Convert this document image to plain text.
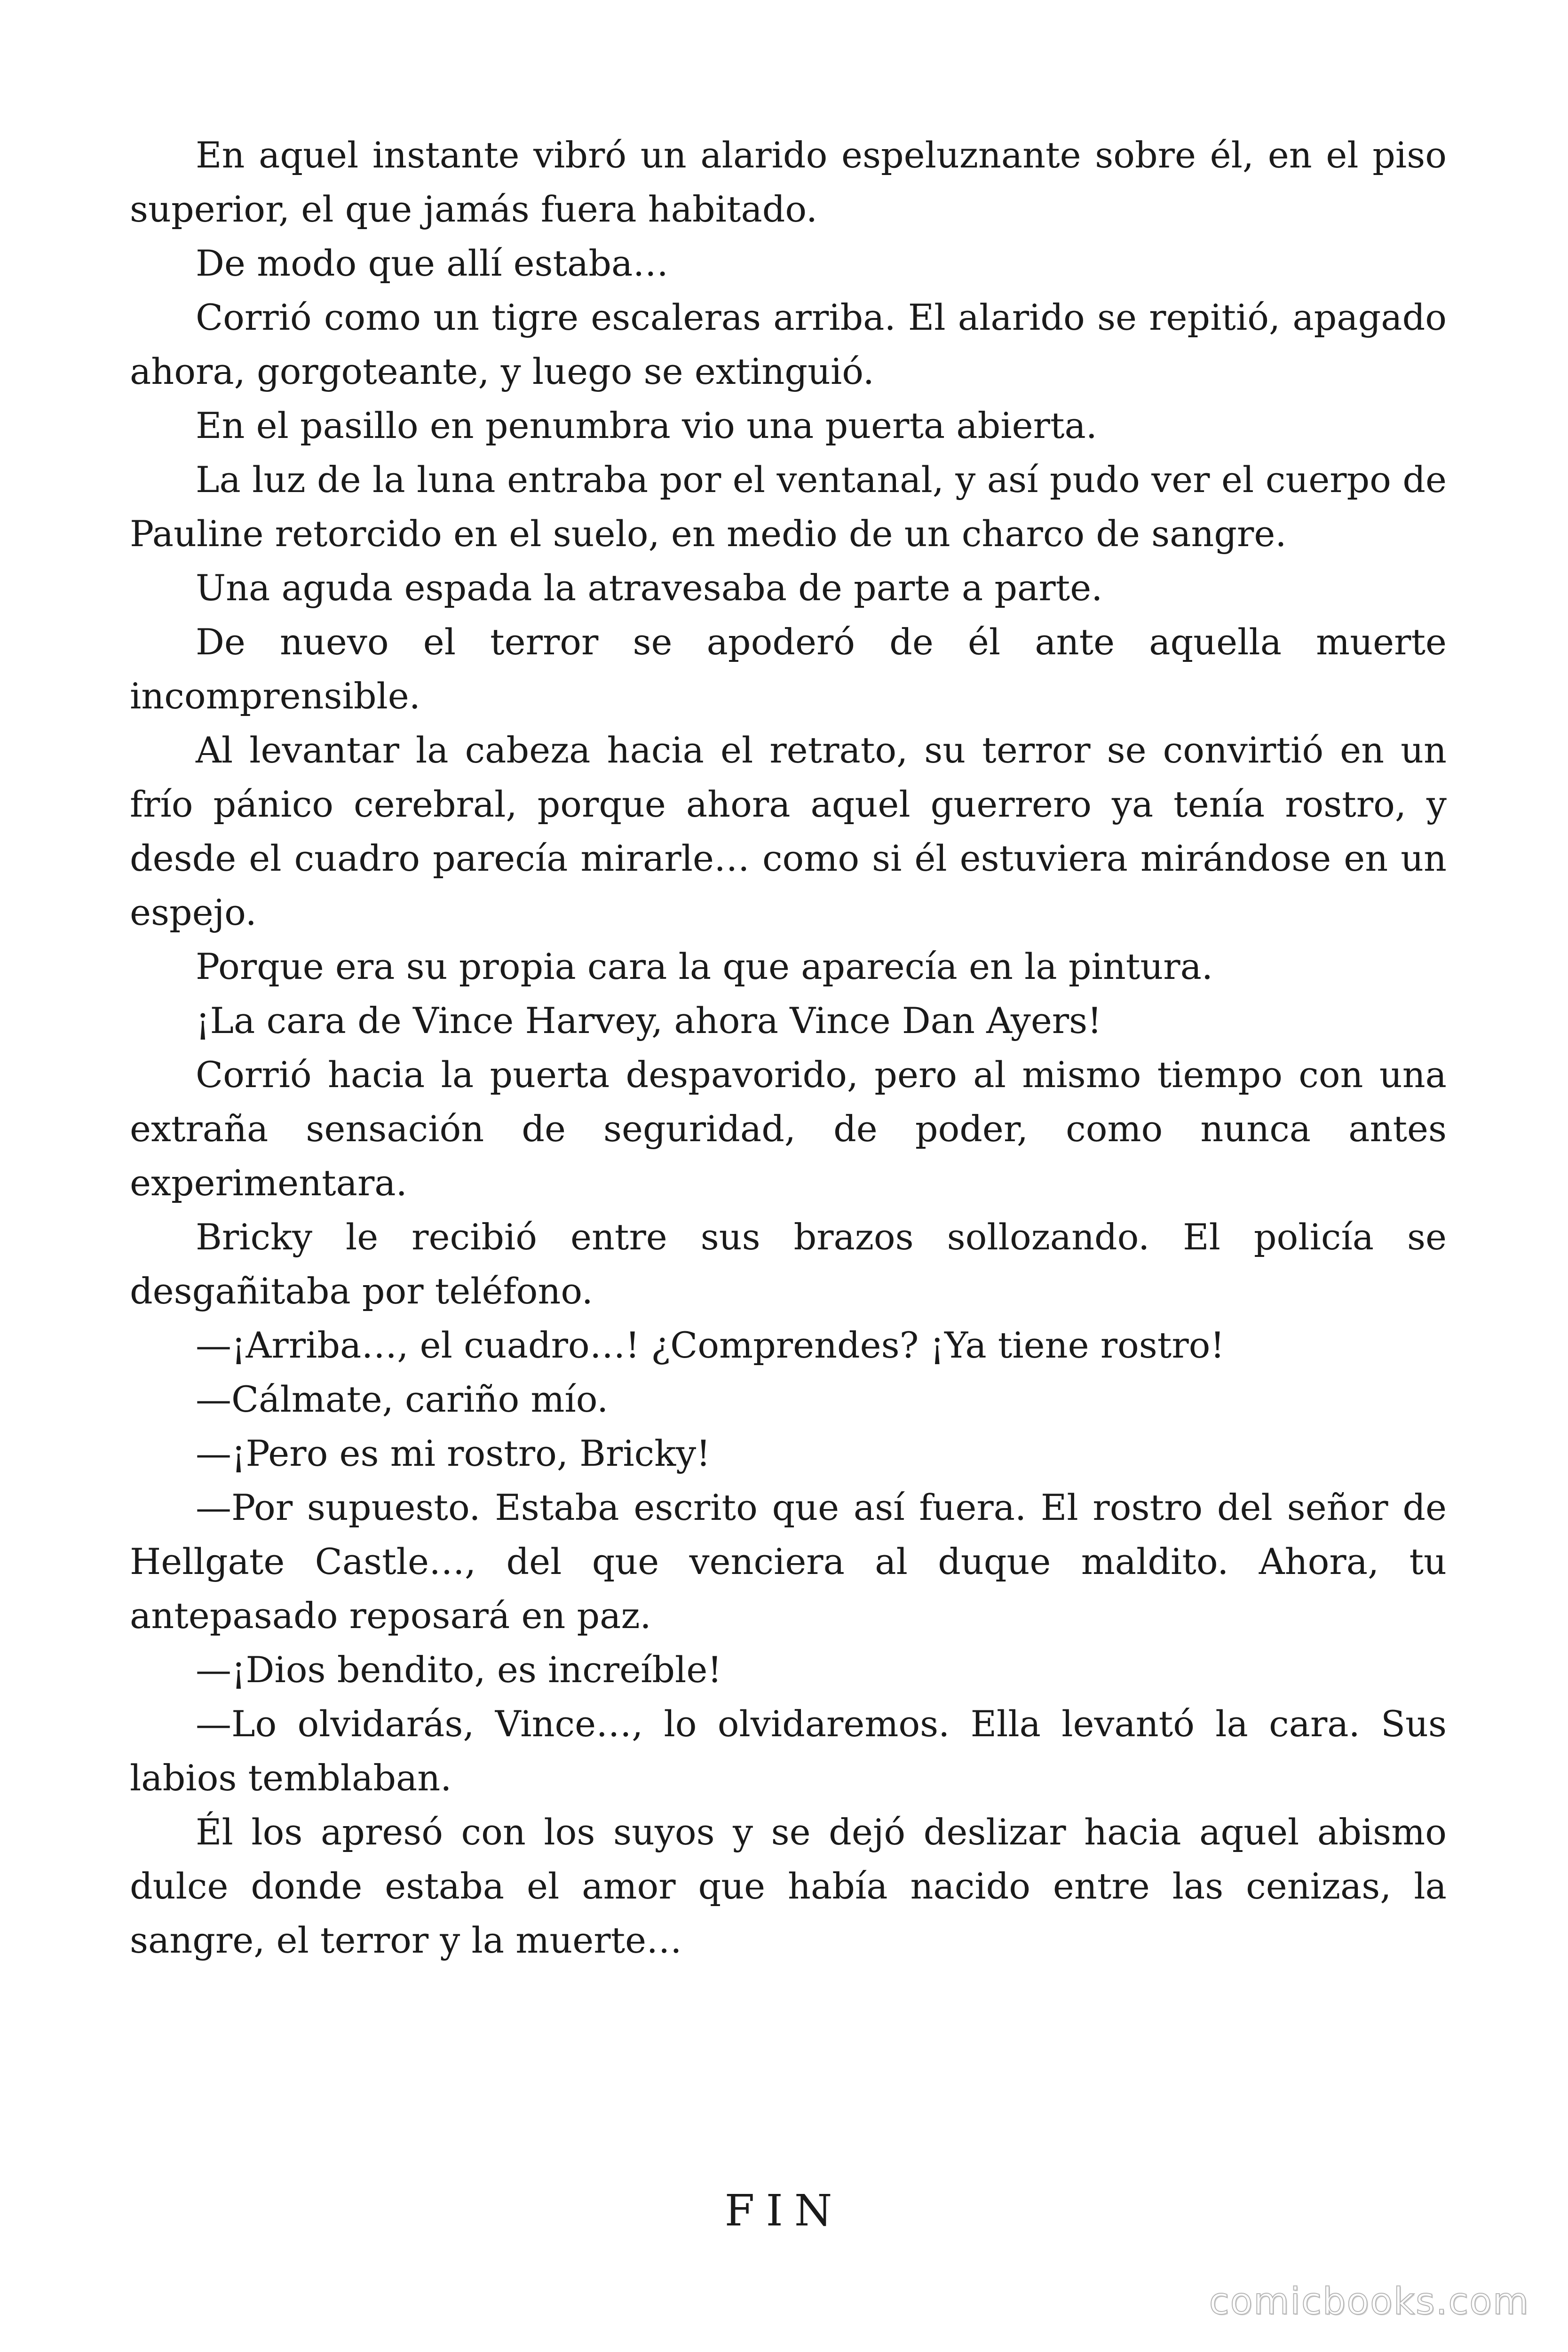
En aquel instante vibró un alarido espeluznante sobre él, en el piso superior, el que jamás fuera habitado.

De modo que allí estaba…

Corrió como un tigre escaleras arriba. El alarido se repitió, apagado ahora, gorgoteante, y luego se extinguió.

En el pasillo en penumbra vio una puerta abierta.

La luz de la luna entraba por el ventanal, y así pudo ver el cuerpo de Pauline retorcido en el suelo, en medio de un charco de sangre.

Una aguda espada la atravesaba de parte a parte.

De nuevo el terror se apoderó de él ante aquella muerte incomprensible.

Al levantar la cabeza hacia el retrato, su terror se convirtió en un frío pánico cerebral, porque ahora aquel guerrero ya tenía rostro, y desde el cuadro parecía mirarle… como si él estuviera mirándose en un espejo.

Porque era su propia cara la que aparecía en la pintura.

¡La cara de Vince Harvey, ahora Vince Dan Ayers!

Corrió hacia la puerta despavorido, pero al mismo tiempo con una extraña sensación de seguridad, de poder, como nunca antes experimentara.

Bricky le recibió entre sus brazos sollozando. El policía se desgañitaba por teléfono.

—¡Arriba…, el cuadro…! ¿Comprendes? ¡Ya tiene rostro!

—Cálmate, cariño mío.

—¡Pero es mi rostro, Bricky!

—Por supuesto. Estaba escrito que así fuera. El rostro del señor de Hellgate Castle…, del que venciera al duque maldito. Ahora, tu antepasado reposará en paz.

—¡Dios bendito, es increíble!

—Lo olvidarás, Vince…, lo olvidaremos. Ella levantó la cara. Sus labios temblaban.

Él los apresó con los suyos y se dejó deslizar hacia aquel abismo dulce donde estaba el amor que había nacido entre las cenizas, la sangre, el terror y la muerte…

FIN
comicbooks.com
